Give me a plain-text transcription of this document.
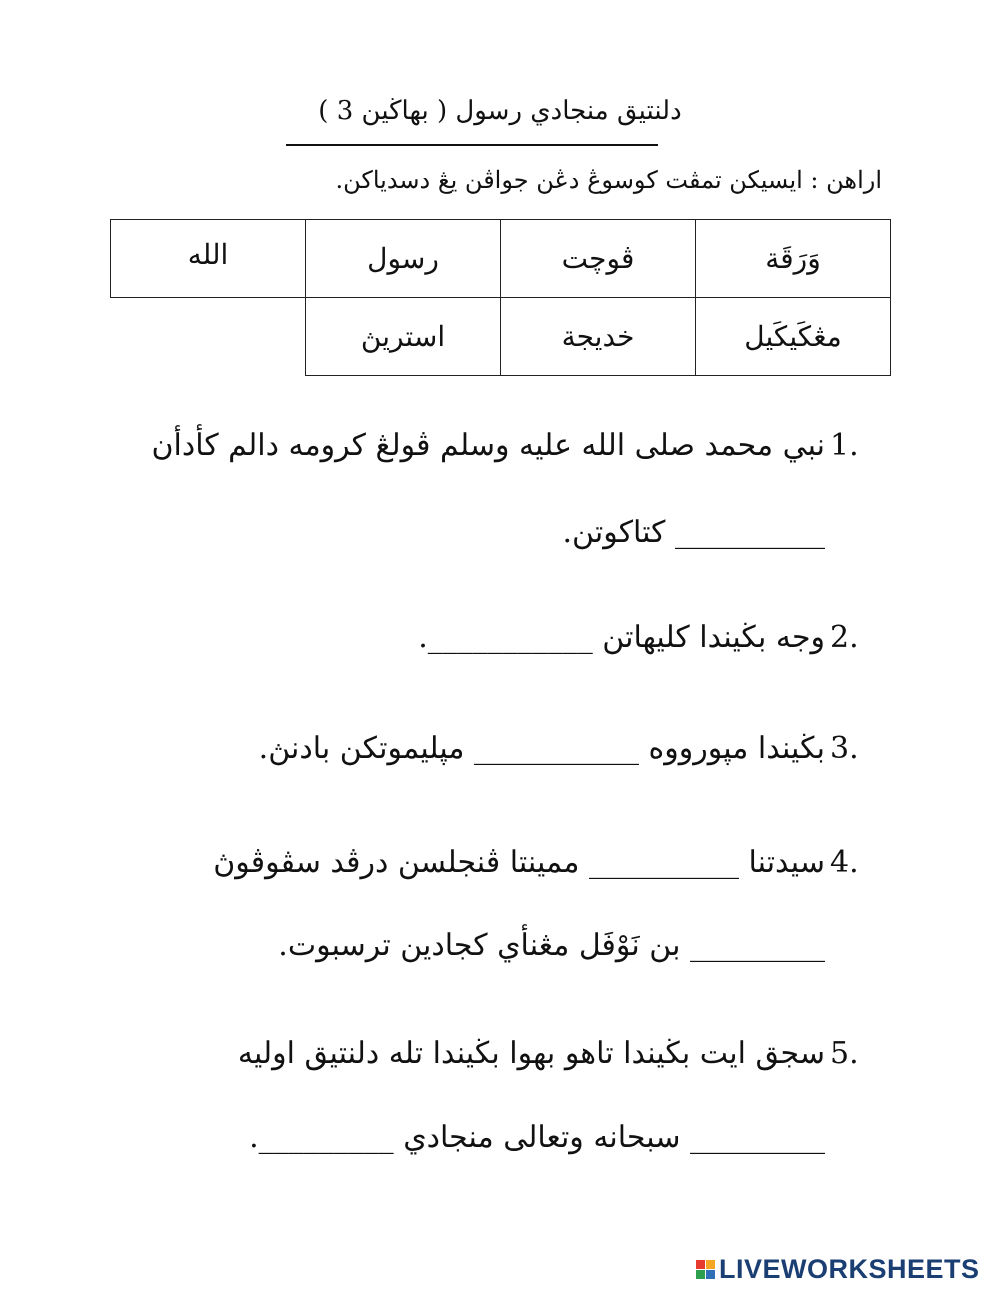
دلنتيق منجادي رسول ( بهاڬين 3 )
اراهن : ايسيكن تمڤت كوسوڠ دڠن جواڤن يڠ دسدياكن.
وَرَقَة
ڤوچت
رسول
الله
مڠكَيكَيل
خديجة
استريڽ
1.
نبي محمد صلى الله عليه وسلم ڤولڠ كرومه دالم كأدأن
__________ كتاكوتن.
2.
وجه بڬيندا كليهاتن ___________.
3.
بڬيندا مپورووه ___________ مپليموتكن بادنڽ.
4.
سيدتنا __________ ممينتا ڤنجلسن درڤد سڤوڤوڽ
_________ بن نَوْفَل مڠنأي كجادين ترسبوت.
5.
سجق ايت بڬيندا تاهو بهوا بڬيندا تله دلنتيق اوليه
_________ سبحانه وتعالى منجادي _________.
LIVEWORKSHEETS
